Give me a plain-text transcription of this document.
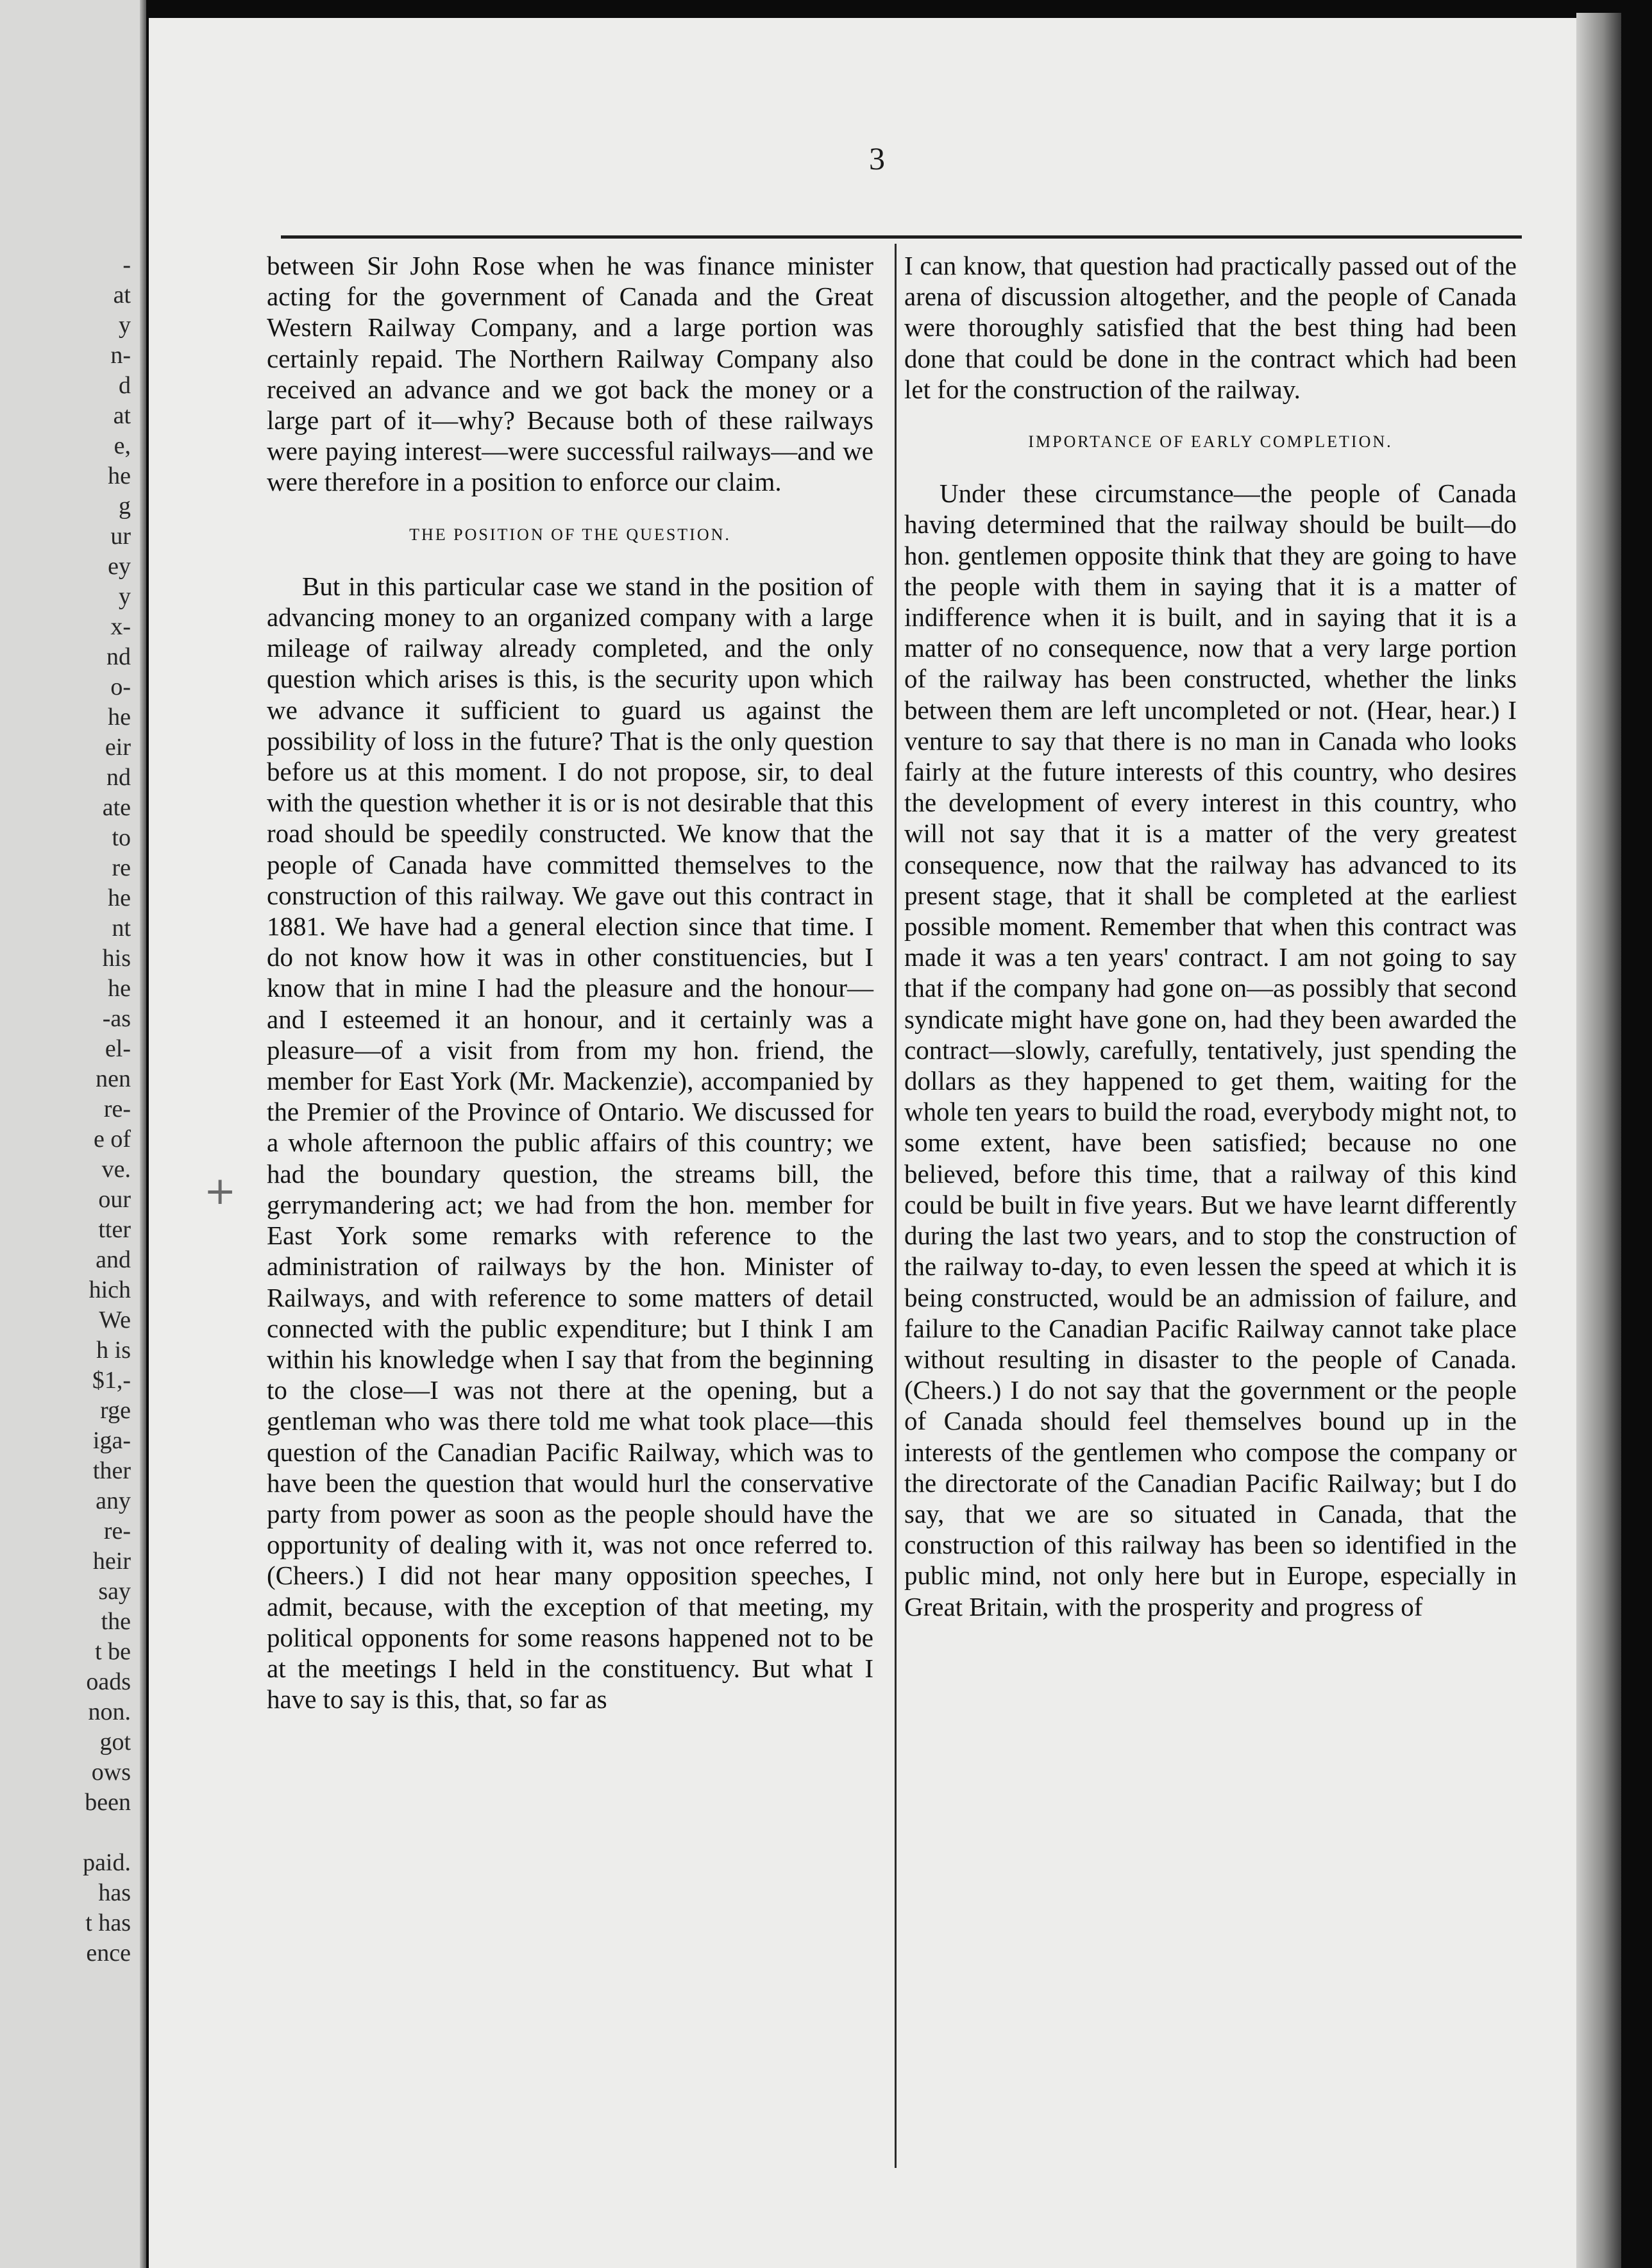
-

at

y

n-

d

at

e,

he

g

ur

ey

y

x-

nd

o-

he

eir

nd

ate

to

re

he

nt

his

he

-as

el-

nen

re-

e of

ve.

our

tter

and

hich

We

h is

$1,-

rge

iga-

ther

any

re-

heir

say

the

t be

oads

non.

got

ows

been

paid.

has

t has

ence

3
+

between Sir John Rose when he was finance minister acting for the government of Canada and the Great Western Railway Company, and a large portion was certainly repaid. The Northern Railway Company also received an advance and we got back the money or a large part of it—why? Because both of these railways were paying interest—were successful railways—and we were therefore in a position to enforce our claim.

THE POSITION OF THE QUESTION.

But in this particular case we stand in the position of advancing money to an organized company with a large mileage of railway already completed, and the only question which arises is this, is the security upon which we advance it sufficient to guard us against the possibility of loss in the future? That is the only question before us at this moment. I do not propose, sir, to deal with the question whether it is or is not desirable that this road should be speedily constructed. We know that the people of Canada have committed themselves to the construction of this railway. We gave out this contract in 1881. We have had a general election since that time. I do not know how it was in other constituencies, but I know that in mine I had the pleasure and the honour—and I esteemed it an honour, and it certainly was a pleasure—of a visit from from my hon. friend, the member for East York (Mr. Mackenzie), accompanied by the Premier of the Province of Ontario. We discussed for a whole afternoon the public affairs of this country; we had the boundary question, the streams bill, the gerrymandering act; we had from the hon. member for East York some remarks with reference to the administration of railways by the hon. Minister of Railways, and with reference to some matters of detail connected with the public expenditure; but I think I am within his knowledge when I say that from the beginning to the close—I was not there at the opening, but a gentleman who was there told me what took place—this question of the Canadian Pacific Railway, which was to have been the question that would hurl the conservative party from power as soon as the people should have the opportunity of dealing with it, was not once referred to. (Cheers.) I did not hear many opposition speeches, I admit, because, with the exception of that meeting, my political opponents for some reasons happened not to be at the meetings I held in the constituency. But what I have to say is this, that, so far as

I can know, that question had practically passed out of the arena of discussion altogether, and the people of Canada were thoroughly satisfied that the best thing had been done that could be done in the contract which had been let for the construction of the railway.

IMPORTANCE OF EARLY COMPLETION.

Under these circumstance—the people of Canada having determined that the railway should be built—do hon. gentlemen opposite think that they are going to have the people with them in saying that it is a matter of indifference when it is built, and in saying that it is a matter of no consequence, now that a very large portion of the railway has been constructed, whether the links between them are left uncompleted or not. (Hear, hear.) I venture to say that there is no man in Canada who looks fairly at the future interests of this country, who desires the development of every interest in this country, who will not say that it is a matter of the very greatest consequence, now that the railway has advanced to its present stage, that it shall be completed at the earliest possible moment. Remember that when this contract was made it was a ten years' contract. I am not going to say that if the company had gone on—as possibly that second syndicate might have gone on, had they been awarded the contract—slowly, carefully, tentatively, just spending the dollars as they happened to get them, waiting for the whole ten years to build the road, everybody might not, to some extent, have been satisfied; because no one believed, before this time, that a railway of this kind could be built in five years. But we have learnt differently during the last two years, and to stop the construction of the railway to-day, to even lessen the speed at which it is being constructed, would be an admission of failure, and failure to the Canadian Pacific Railway cannot take place without resulting in disaster to the people of Canada. (Cheers.) I do not say that the government or the people of Canada should feel themselves bound up in the interests of the gentlemen who compose the company or the directorate of the Canadian Pacific Railway; but I do say, that we are so situated in Canada, that the construction of this railway has been so identified in the public mind, not only here but in Europe, especially in Great Britain, with the prosperity and progress of
